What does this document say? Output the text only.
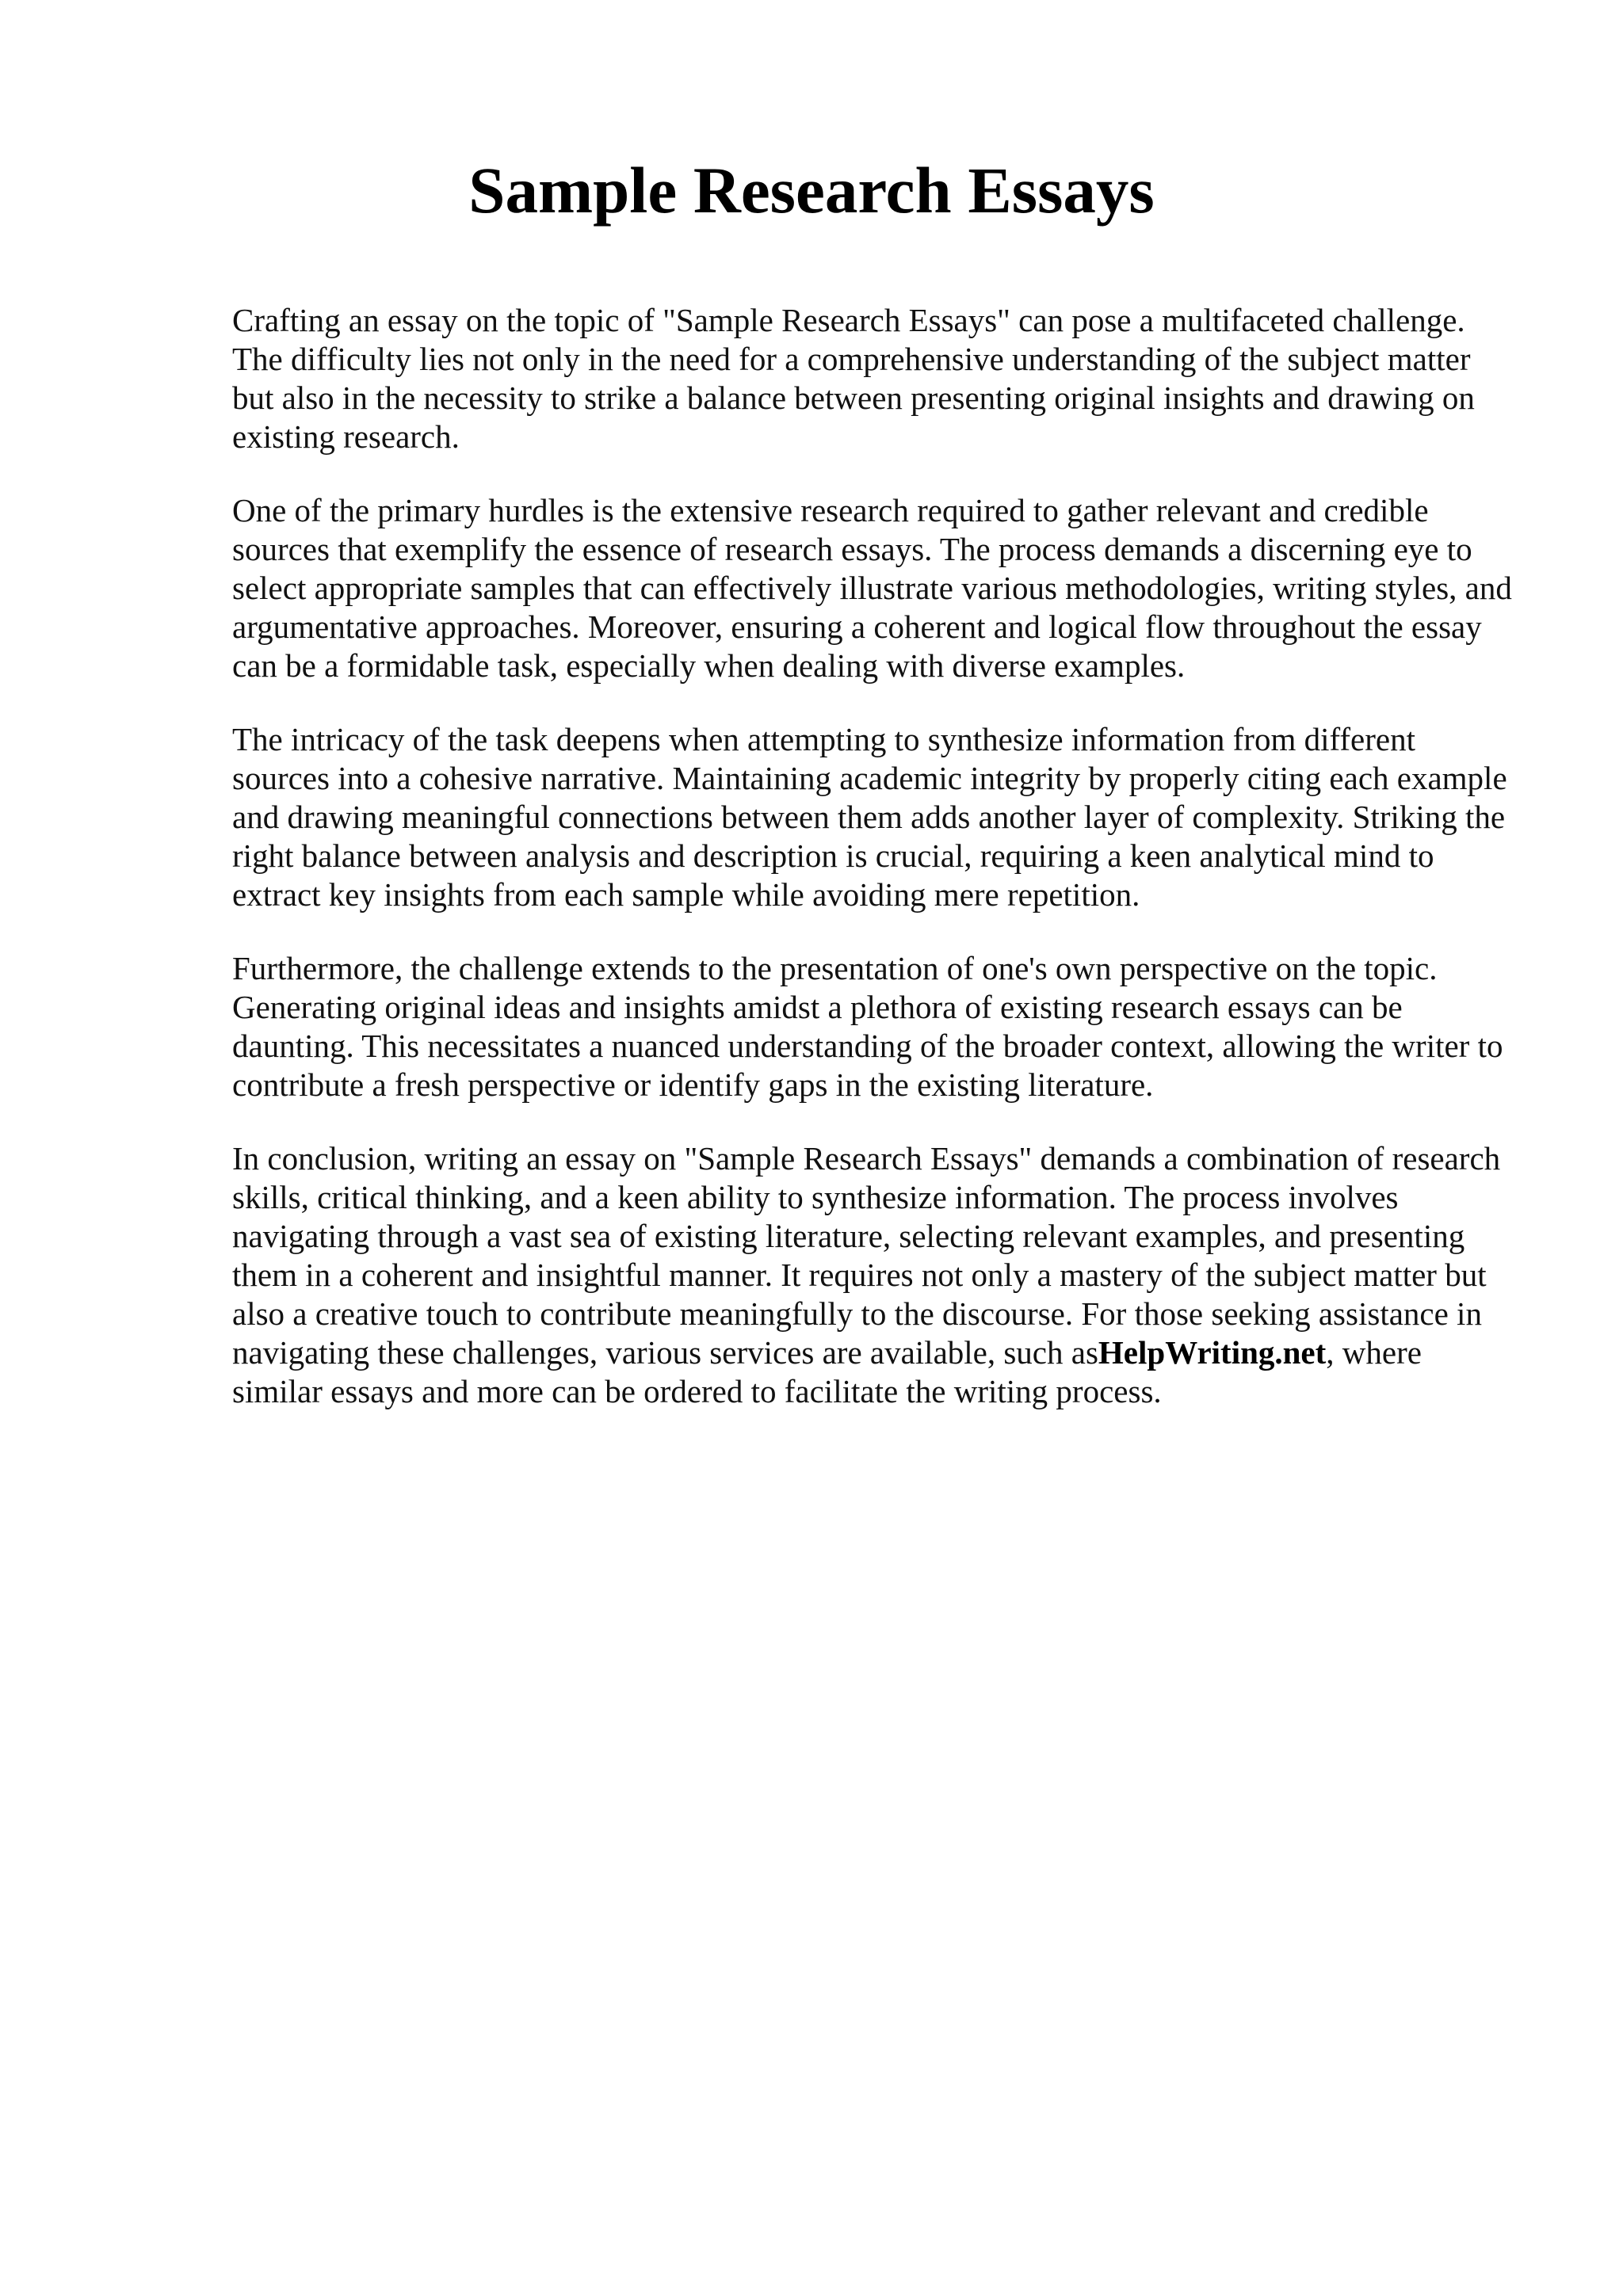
Sample Research Essays

Crafting an essay on the topic of "Sample Research Essays" can pose a multifaceted challenge. The difficulty lies not only in the need for a comprehensive understanding of the subject matter but also in the necessity to strike a balance between presenting original insights and drawing on existing research.

One of the primary hurdles is the extensive research required to gather relevant and credible sources that exemplify the essence of research essays. The process demands a discerning eye to select appropriate samples that can effectively illustrate various methodologies, writing styles, and argumentative approaches. Moreover, ensuring a coherent and logical flow throughout the essay can be a formidable task, especially when dealing with diverse examples.

The intricacy of the task deepens when attempting to synthesize information from different sources into a cohesive narrative. Maintaining academic integrity by properly citing each example and drawing meaningful connections between them adds another layer of complexity. Striking the right balance between analysis and description is crucial, requiring a keen analytical mind to extract key insights from each sample while avoiding mere repetition.

Furthermore, the challenge extends to the presentation of one's own perspective on the topic. Generating original ideas and insights amidst a plethora of existing research essays can be daunting. This necessitates a nuanced understanding of the broader context, allowing the writer to contribute a fresh perspective or identify gaps in the existing literature.

In conclusion, writing an essay on "Sample Research Essays" demands a combination of research skills, critical thinking, and a keen ability to synthesize information. The process involves navigating through a vast sea of existing literature, selecting relevant examples, and presenting them in a coherent and insightful manner. It requires not only a mastery of the subject matter but also a creative touch to contribute meaningfully to the discourse. For those seeking assistance in navigating these challenges, various services are available, such asHelpWriting.net, where similar essays and more can be ordered to facilitate the writing process.
